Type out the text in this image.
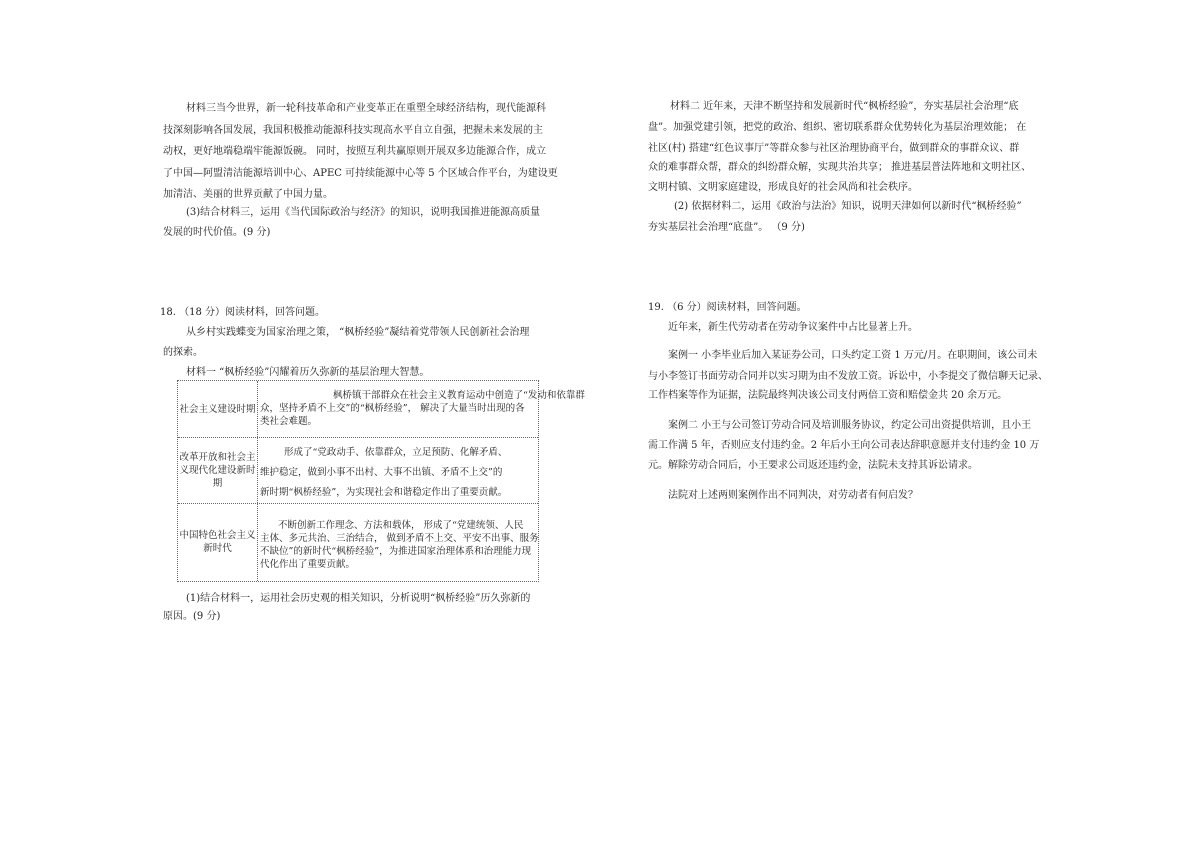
材料三当今世界，新一轮科技革命和产业变革正在重塑全球经济结构，现代能源科

技深刻影响各国发展，我国积极推动能源科技实现高水平自立自强，把握未来发展的主

动权，更好地端稳端牢能源饭碗。 同时，按照互利共赢原则开展双多边能源合作，成立

了中国—阿盟清洁能源培训中心、APEC 可持续能源中心等 5 个区域合作平台，为建设更

加清洁、美丽的世界贡献了中国力量。

(3)结合材料三，运用《当代国际政治与经济》的知识，说明我国推进能源高质量

发展的时代价值。(9 分)

18. （18 分）阅读材料，回答问题。

从乡村实践蝶变为国家治理之策， “枫桥经验”凝结着党带领人民创新社会治理

的探索。

材料一 “枫桥经验”闪耀着历久弥新的基层治理大智慧。

社会主义建设时期
枫桥镇干部群众在社会主义教育运动中创造了“发动和依靠群
众，坚持矛盾不上交”的“枫桥经验”， 解决了大量当时出现的各
类社会难题。
改革开放和社会主义现代化建设新时期
形成了“党政动手、依靠群众，立足预防、化解矛盾、
维护稳定，做到小事不出村、大事不出镇、矛盾不上交”的
新时期“枫桥经验”，为实现社会和谐稳定作出了重要贡献。
中国特色社会主义新时代
不断创新工作理念、方法和载体， 形成了“党建统领、人民
主体、多元共治、三治结合， 做到矛盾不上交、平安不出事、服务
不缺位”的新时代“枫桥经验”，为推进国家治理体系和治理能力现
代化作出了重要贡献。

(1)结合材料一，运用社会历史观的相关知识，分析说明“枫桥经验”历久弥新的

原因。(9 分)

材料二 近年来，天津不断坚持和发展新时代“枫桥经验”，夯实基层社会治理“底

盘”。加强党建引领，把党的政治、组织、密切联系群众优势转化为基层治理效能； 在

社区(村) 搭建“红色议事厅”等群众参与社区治理协商平台，做到群众的事群众议、群

众的难事群众帮，群众的纠纷群众解，实现共治共享； 推进基层普法阵地和文明社区、

文明村镇、文明家庭建设，形成良好的社会风尚和社会秩序。

(2) 依据材料二，运用《政治与法治》知识，说明天津如何以新时代“枫桥经验”

夯实基层社会治理“底盘”。 （9 分)

19. （6 分）阅读材料，回答问题。

近年来，新生代劳动者在劳动争议案件中占比显著上升。

案例一 小李毕业后加入某证券公司，口头约定工资 1 万元/月。在职期间，该公司未

与小李签订书面劳动合同并以实习期为由不发放工资。诉讼中，小李提交了微信聊天记录、

工作档案等作为证据，法院最终判决该公司支付两倍工资和赔偿金共 20 余万元。

案例二 小王与公司签订劳动合同及培训服务协议，约定公司出资提供培训，且小王

需工作满 5 年，否则应支付违约金。2 年后小王向公司表达辞职意愿并支付违约金 10 万

元。解除劳动合同后，小王要求公司返还违约金，法院未支持其诉讼请求。

法院对上述两则案例作出不同判决，对劳动者有何启发？
